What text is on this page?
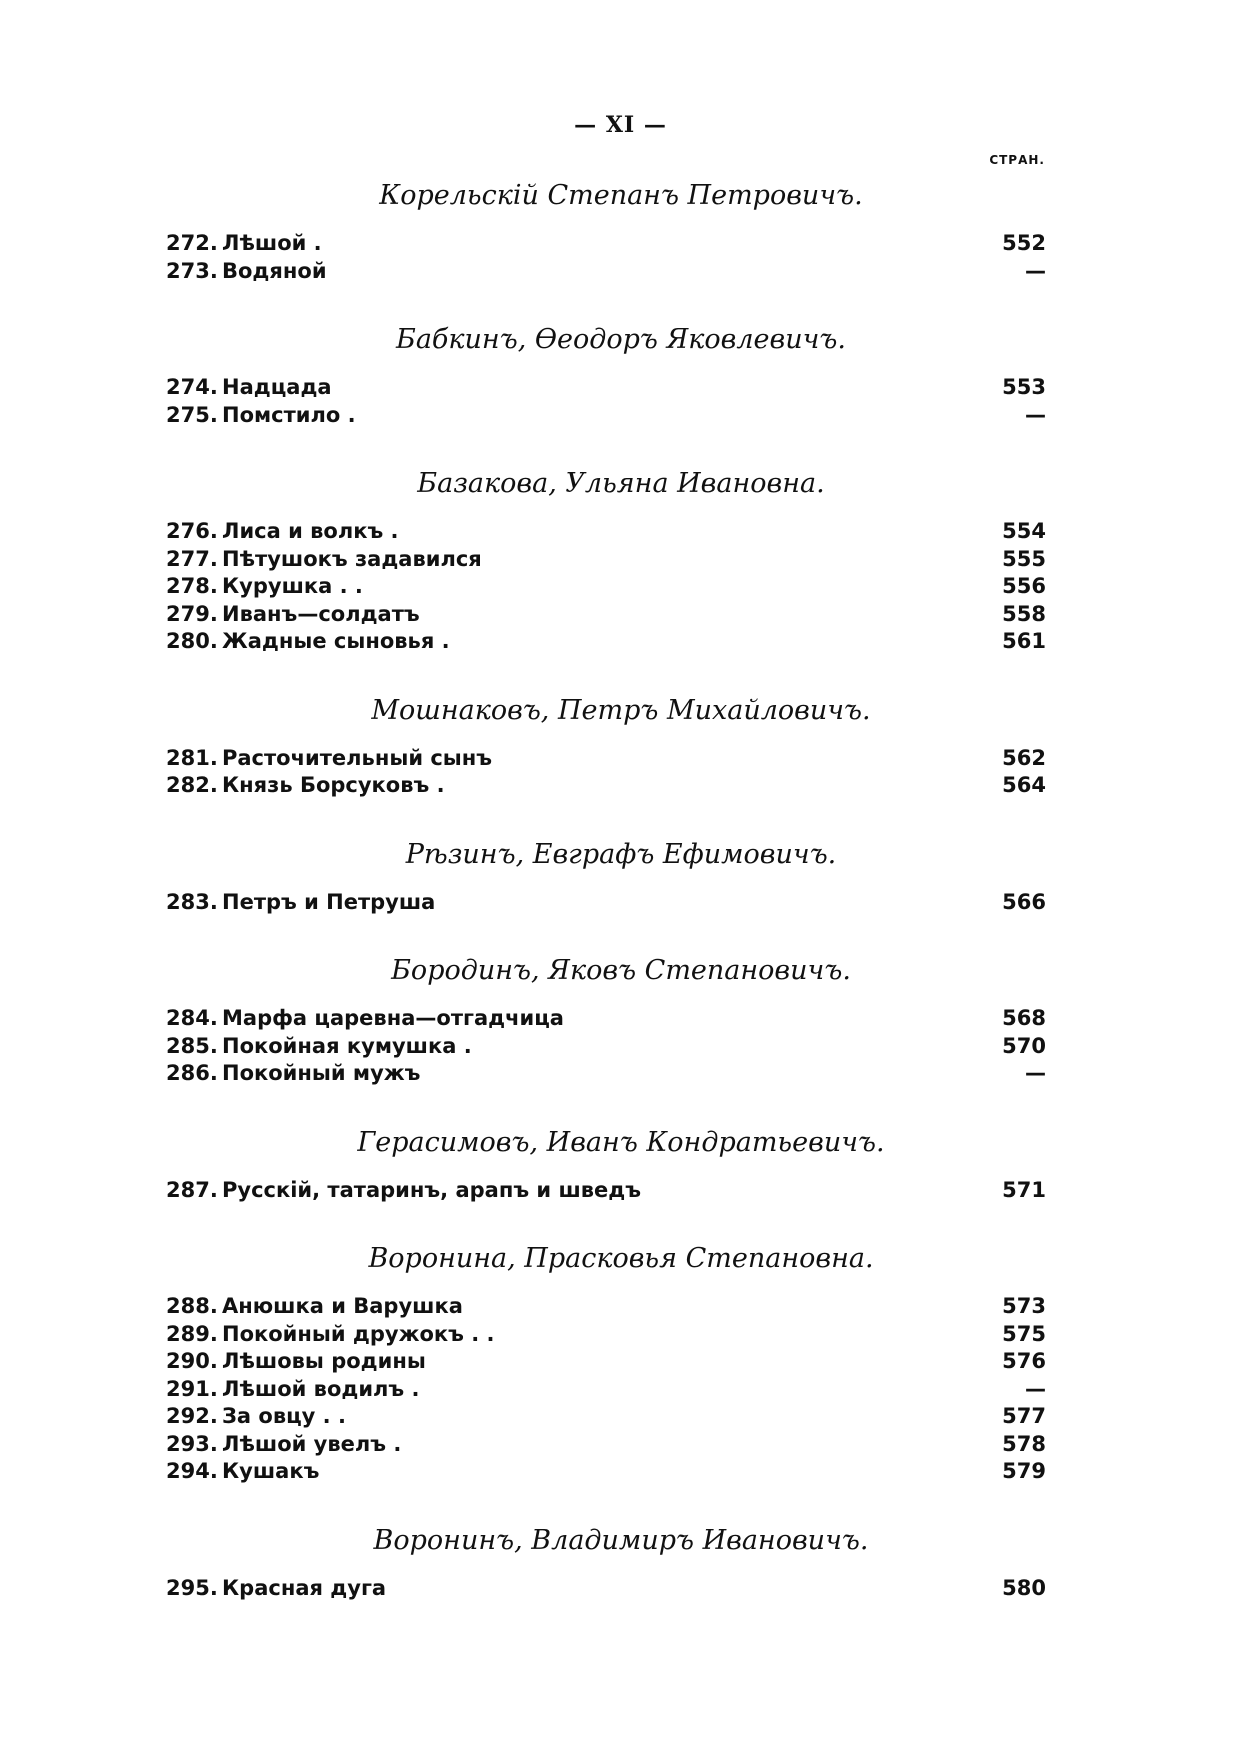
— XI —
СТРАН.
Корельскій Степанъ Петровичъ.
272. Лѣшой .	552
273. Водяной	—
Бабкинъ, Өеодоръ Яковлевичъ.
274. Надцада	553
275. Помстило .	—
Базакова, Ульяна Ивановна.
276. Лиса и волкъ .	554
277. Пѣтушокъ задавился	555
278. Курушка . .	556
279. Иванъ—солдатъ	558
280. Жадные сыновья .	561
Мошнаковъ, Петръ Михайловичъ.
281. Расточительный сынъ	562
282. Князь Борсуковъ .	564
Рѣзинъ, Евграфъ Ефимовичъ.
283. Петръ и Петруша	566
Бородинъ, Яковъ Степановичъ.
284. Марфа царевна—отгадчица	568
285. Покойная кумушка .	570
286. Покойный мужъ	—
Герасимовъ, Иванъ Кондратьевичъ.
287. Русскій, татаринъ, арапъ и шведъ	571
Воронина, Прасковья Степановна.
288. Анюшка и Варушка	573
289. Покойный дружокъ . .	575
290. Лѣшовы родины	576
291. Лѣшой водилъ .	—
292. За овцу . .	577
293. Лѣшой увелъ .	578
294. Кушакъ	579
Воронинъ, Владимиръ Ивановичъ.
295. Красная дуга	580
